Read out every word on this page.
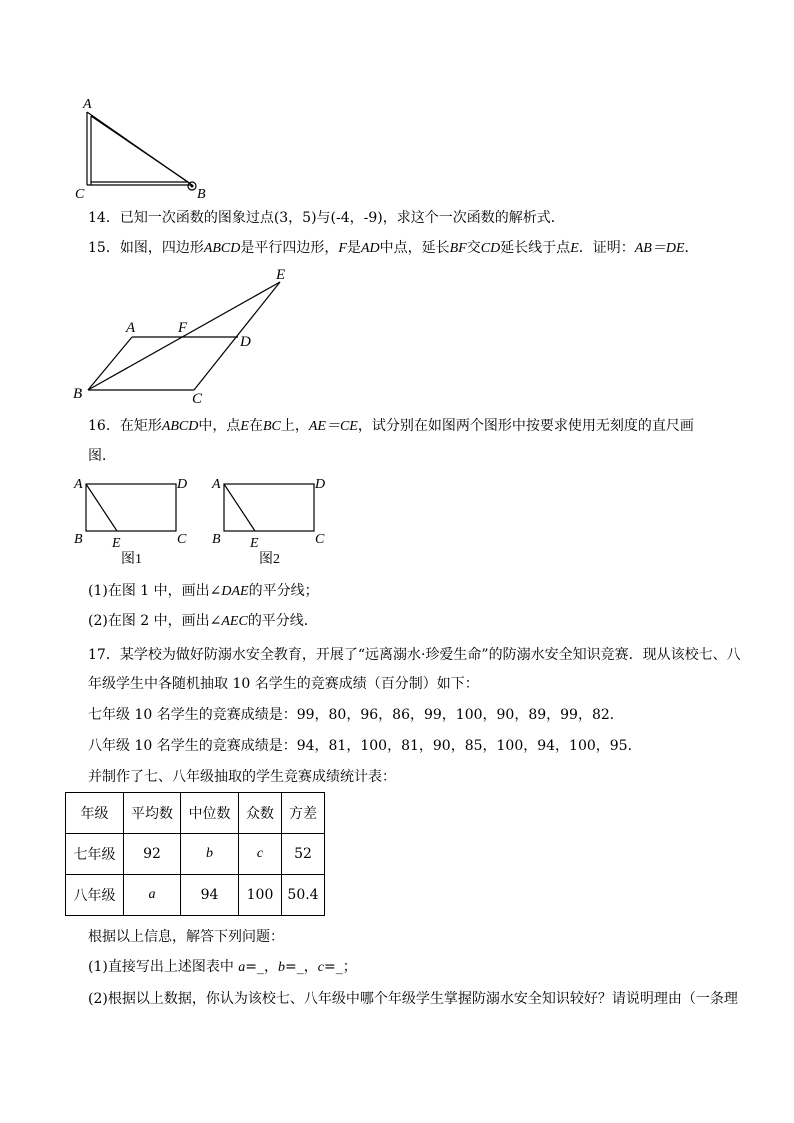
A
C	B
14．已知一次函数的图象过点(3，5)与(-4，-9)，求这个一次函数的解析式．
15．如图，四边形ABCD是平行四边形，F是AD中点，延长BF交CD延长线于点E．证明：AB＝DE．
A	F
D
E
B	C
16．在矩形ABCD中，点E在BC上，AE＝CE，试分别在如图两个图形中按要求使用无刻度的直尺画
图．
A	D
B E	C
图1
A	D
B E	C
图2
(1)在图 1 中，画出∠DAE的平分线；
(2)在图 2 中，画出∠AEC的平分线．
17．某学校为做好防溺水安全教育，开展了“远离溺水·珍爱生命”的防溺水安全知识竞赛．现从该校七、八
年级学生中各随机抽取 10 名学生的竞赛成绩（百分制）如下：
七年级 10 名学生的竞赛成绩是：99，80，96，86，99，100，90，89，99，82．
八年级 10 名学生的竞赛成绩是：94，81，100，81，90，85，100，94，100，95．
并制作了七、八年级抽取的学生竞赛成绩统计表：
年级	平均数	中位数	众数	方差
七年级	92	b	c	52
八年级	a	94	100	50.4
根据以上信息，解答下列问题：
(1)直接写出上述图表中 a=_，b=_，c=_；
(2)根据以上数据，你认为该校七、八年级中哪个年级学生掌握防溺水安全知识较好？请说明理由（一条理
